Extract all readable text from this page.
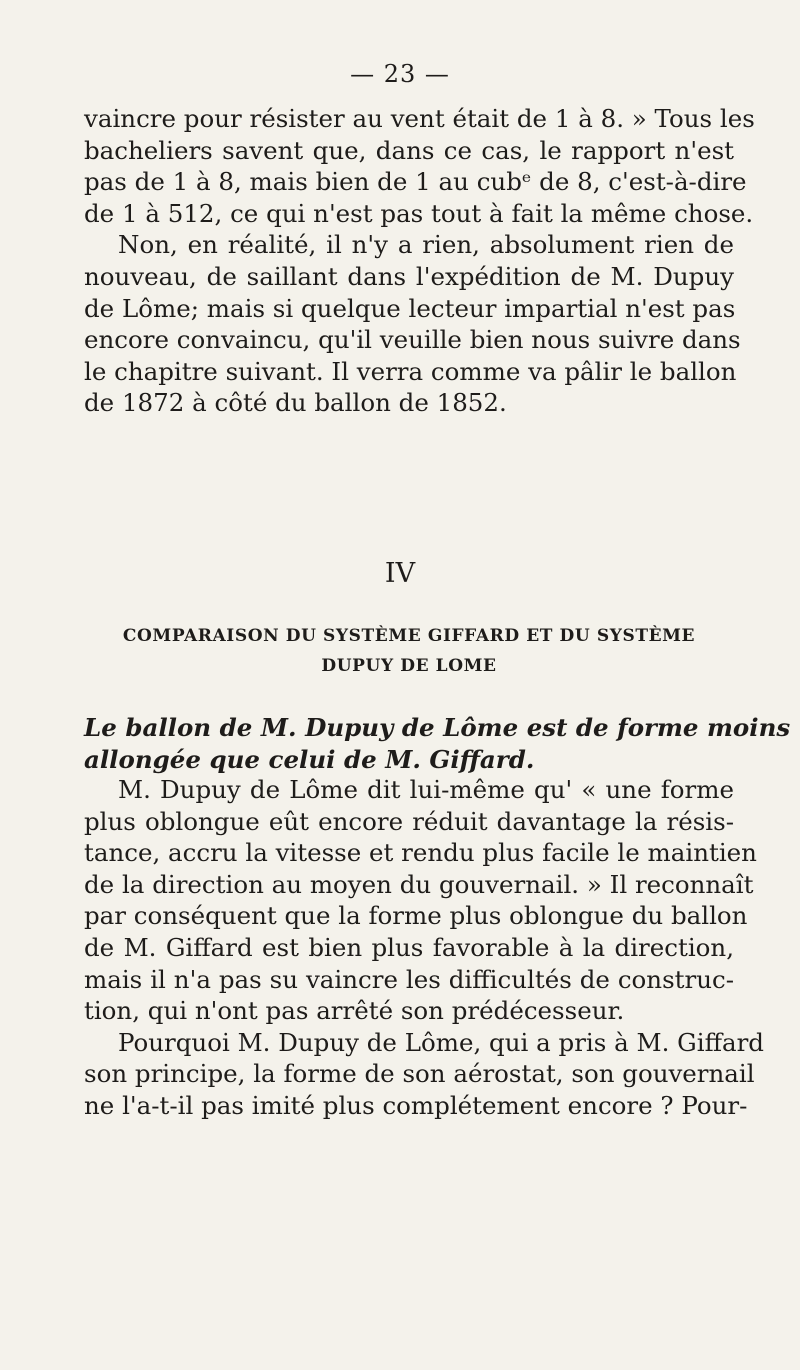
— 23 —
vaincre pour résister au vent était de 1 à 8. » Tous les
bacheliers savent que, dans ce cas, le rapport n'est
pas de 1 à 8, mais bien de 1 au cubᵉ de 8, c'est-à-dire
de 1 à 512, ce qui n'est pas tout à fait la même chose.
Non, en réalité, il n'y a rien, absolument rien de
nouveau, de saillant dans l'expédition de M. Dupuy
de Lôme; mais si quelque lecteur impartial n'est pas
encore convaincu, qu'il veuille bien nous suivre dans
le chapitre suivant. Il verra comme va pâlir le ballon
de 1872 à côté du ballon de 1852.
IV
COMPARAISON DU SYSTÈME GIFFARD ET DU SYSTÈME
DUPUY DE LOME
Le ballon de M. Dupuy de Lôme est de forme moins
allongée que celui de M. Giffard.
M. Dupuy de Lôme dit lui-même qu' « une forme
plus oblongue eût encore réduit davantage la résis-
tance, accru la vitesse et rendu plus facile le maintien
de la direction au moyen du gouvernail. » Il reconnaît
par conséquent que la forme plus oblongue du ballon
de M. Giffard est bien plus favorable à la direction,
mais il n'a pas su vaincre les difficultés de construc-
tion, qui n'ont pas arrêté son prédécesseur.
Pourquoi M. Dupuy de Lôme, qui a pris à M. Giffard
son principe, la forme de son aérostat, son gouvernail
ne l'a-t-il pas imité plus complétement encore ? Pour-
